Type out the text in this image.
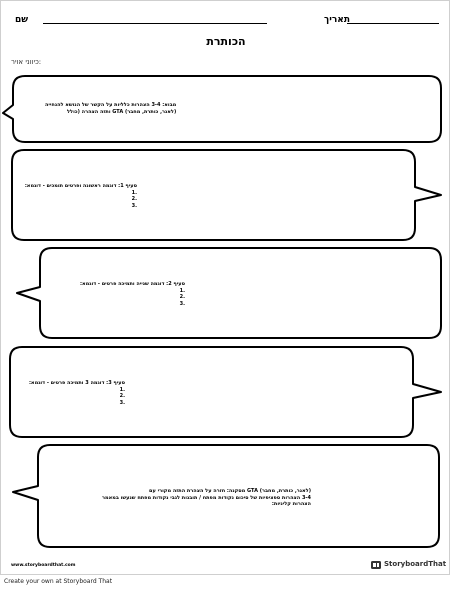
תאריך
שם
הכותרת
:כיווני אויר
מבוא: 3-4 הצהרות כלליות על הקשר של הנושא להנחייה
(לאנר, כותרת, מחבר) GTA ותזה הצהרה (כולל
סעיף 1: דוגמה ראשונה ופרטים תומכים - דוגמא:
.1
.2
.3
סעיף 2: דוגמה שנייה ותמיכה פרטים - דוגמא:
.1
.2
.3
סעיף 3: דוגמה 3 ותמיכה פרטים - דוגמא:
.1
.2
.3
(לאנר, כותרת, מחבר) GTA מסקנה: חזרה על הצהרת התזה מקורי עם
3-4 הצהרות ספציפיות של סיכום נקודות מפתח / תובנות לגבי נקודות מפתח שנעשו במאמר
הצהרות קליניות:
www.storyboardthat.com	StoryboardThat
Create your own at Storyboard That
